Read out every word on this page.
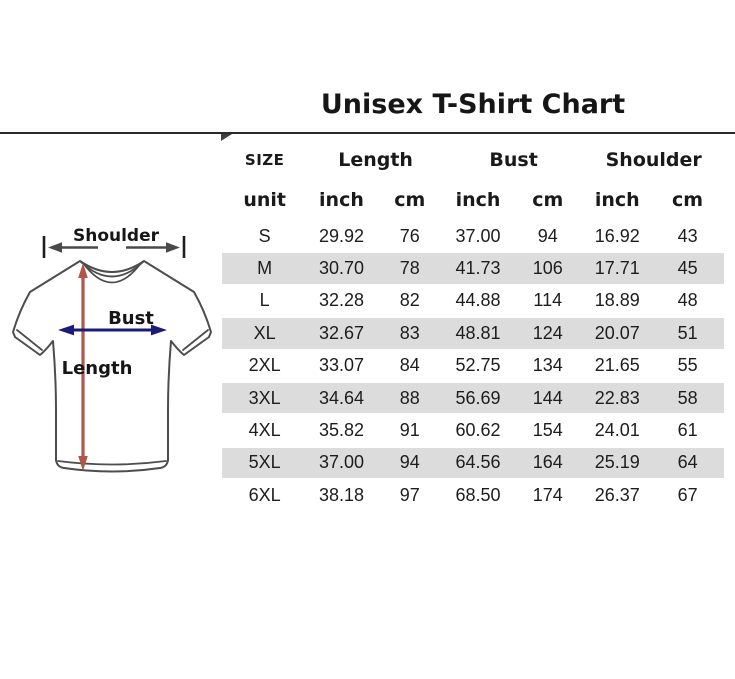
Unisex T-Shirt Chart
Shoulder
Bust
Length
SIZE	Length		Bust		Shoulder	
unit	inch	cm	inch	cm	inch	cm
S	29.92	76	37.00	94	16.92	43
M	30.70	78	41.73	106	17.71	45
L	32.28	82	44.88	114	18.89	48
XL	32.67	83	48.81	124	20.07	51
2XL	33.07	84	52.75	134	21.65	55
3XL	34.64	88	56.69	144	22.83	58
4XL	35.82	91	60.62	154	24.01	61
5XL	37.00	94	64.56	164	25.19	64
6XL	38.18	97	68.50	174	26.37	67
